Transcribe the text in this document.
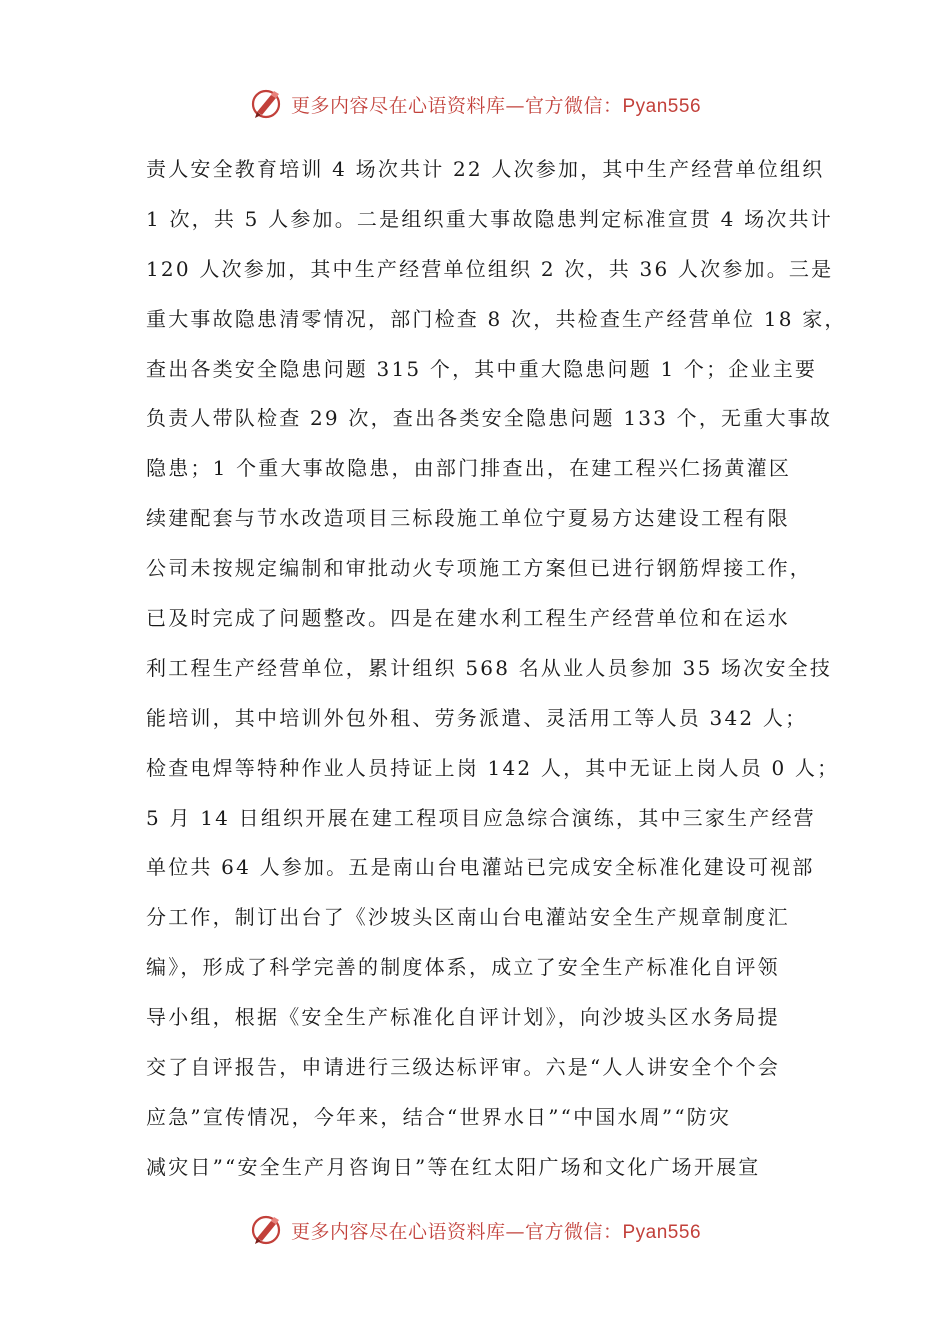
更多内容尽在心语资料库—官方微信：Pyan556
责人安全教育培训 4 场次共计 22 人次参加，其中生产经营单位组织
1 次，共 5 人参加。二是组织重大事故隐患判定标准宣贯 4 场次共计
120 人次参加，其中生产经营单位组织 2 次，共 36 人次参加。三是
重大事故隐患清零情况，部门检查 8 次，共检查生产经营单位 18 家，
查出各类安全隐患问题 315 个，其中重大隐患问题 1 个；企业主要
负责人带队检查 29 次，查出各类安全隐患问题 133 个，无重大事故
隐患；1 个重大事故隐患，由部门排查出，在建工程兴仁扬黄灌区
续建配套与节水改造项目三标段施工单位宁夏易方达建设工程有限
公司未按规定编制和审批动火专项施工方案但已进行钢筋焊接工作，
已及时完成了问题整改。四是在建水利工程生产经营单位和在运水
利工程生产经营单位，累计组织 568 名从业人员参加 35 场次安全技
能培训，其中培训外包外租、劳务派遣、灵活用工等人员 342 人；
检查电焊等特种作业人员持证上岗 142 人，其中无证上岗人员 0 人；
5 月 14 日组织开展在建工程项目应急综合演练，其中三家生产经营
单位共 64 人参加。五是南山台电灌站已完成安全标准化建设可视部
分工作，制订出台了《沙坡头区南山台电灌站安全生产规章制度汇
编》，形成了科学完善的制度体系，成立了安全生产标准化自评领
导小组，根据《安全生产标准化自评计划》，向沙坡头区水务局提
交了自评报告，申请进行三级达标评审。六是“人人讲安全个个会
应急”宣传情况，今年来，结合“世界水日”“中国水周”“防灾
减灾日”“安全生产月咨询日”等在红太阳广场和文化广场开展宣
更多内容尽在心语资料库—官方微信：Pyan556
